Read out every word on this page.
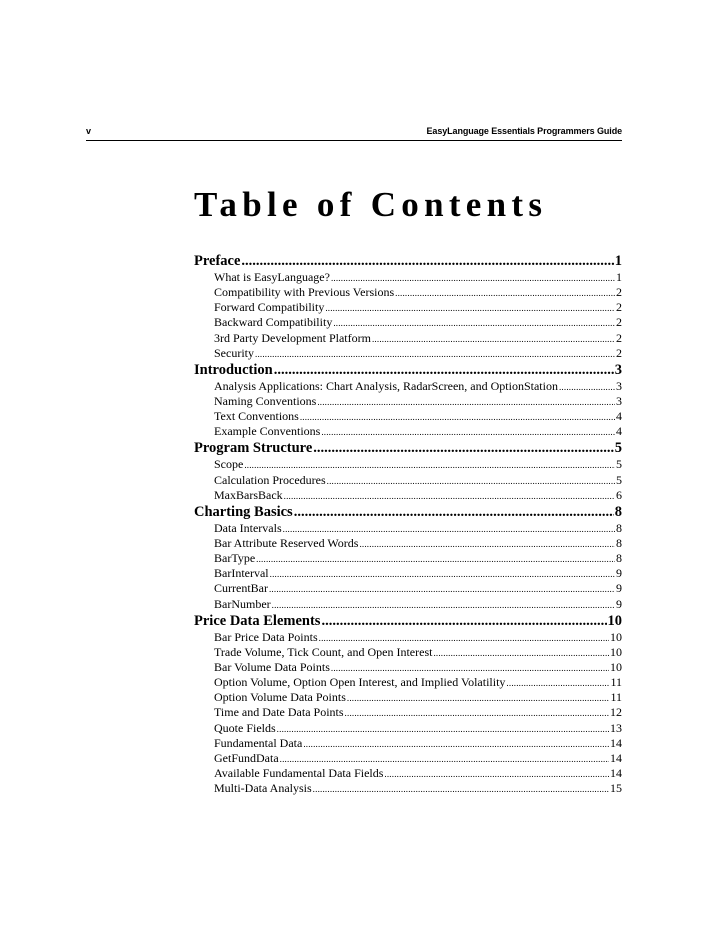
v	EasyLanguage Essentials Programmers Guide
Table of Contents
Preface .....	1
What is EasyLanguage? .....	1
Compatibility with Previous Versions .....	2
Forward Compatibility .....	2
Backward Compatibility .....	2
3rd Party Development Platform .....	2
Security .....	2
Introduction .....	3
Analysis Applications: Chart Analysis, RadarScreen, and OptionStation .....	3
Naming Conventions .....	3
Text Conventions .....	4
Example Conventions .....	4
Program Structure .....	5
Scope .....	5
Calculation Procedures .....	5
MaxBarsBack .....	6
Charting Basics .....	8
Data Intervals .....	8
Bar Attribute Reserved Words .....	8
BarType .....	8
BarInterval .....	9
CurrentBar .....	9
BarNumber .....	9
Price Data Elements .....	10
Bar Price Data Points .....	10
Trade Volume, Tick Count, and Open Interest .....	10
Bar Volume Data Points .....	10
Option Volume, Option Open Interest, and Implied Volatility .....	11
Option Volume Data Points .....	11
Time and Date Data Points .....	12
Quote Fields .....	13
Fundamental Data .....	14
GetFundData .....	14
Available Fundamental Data Fields .....	14
Multi-Data Analysis .....	15
